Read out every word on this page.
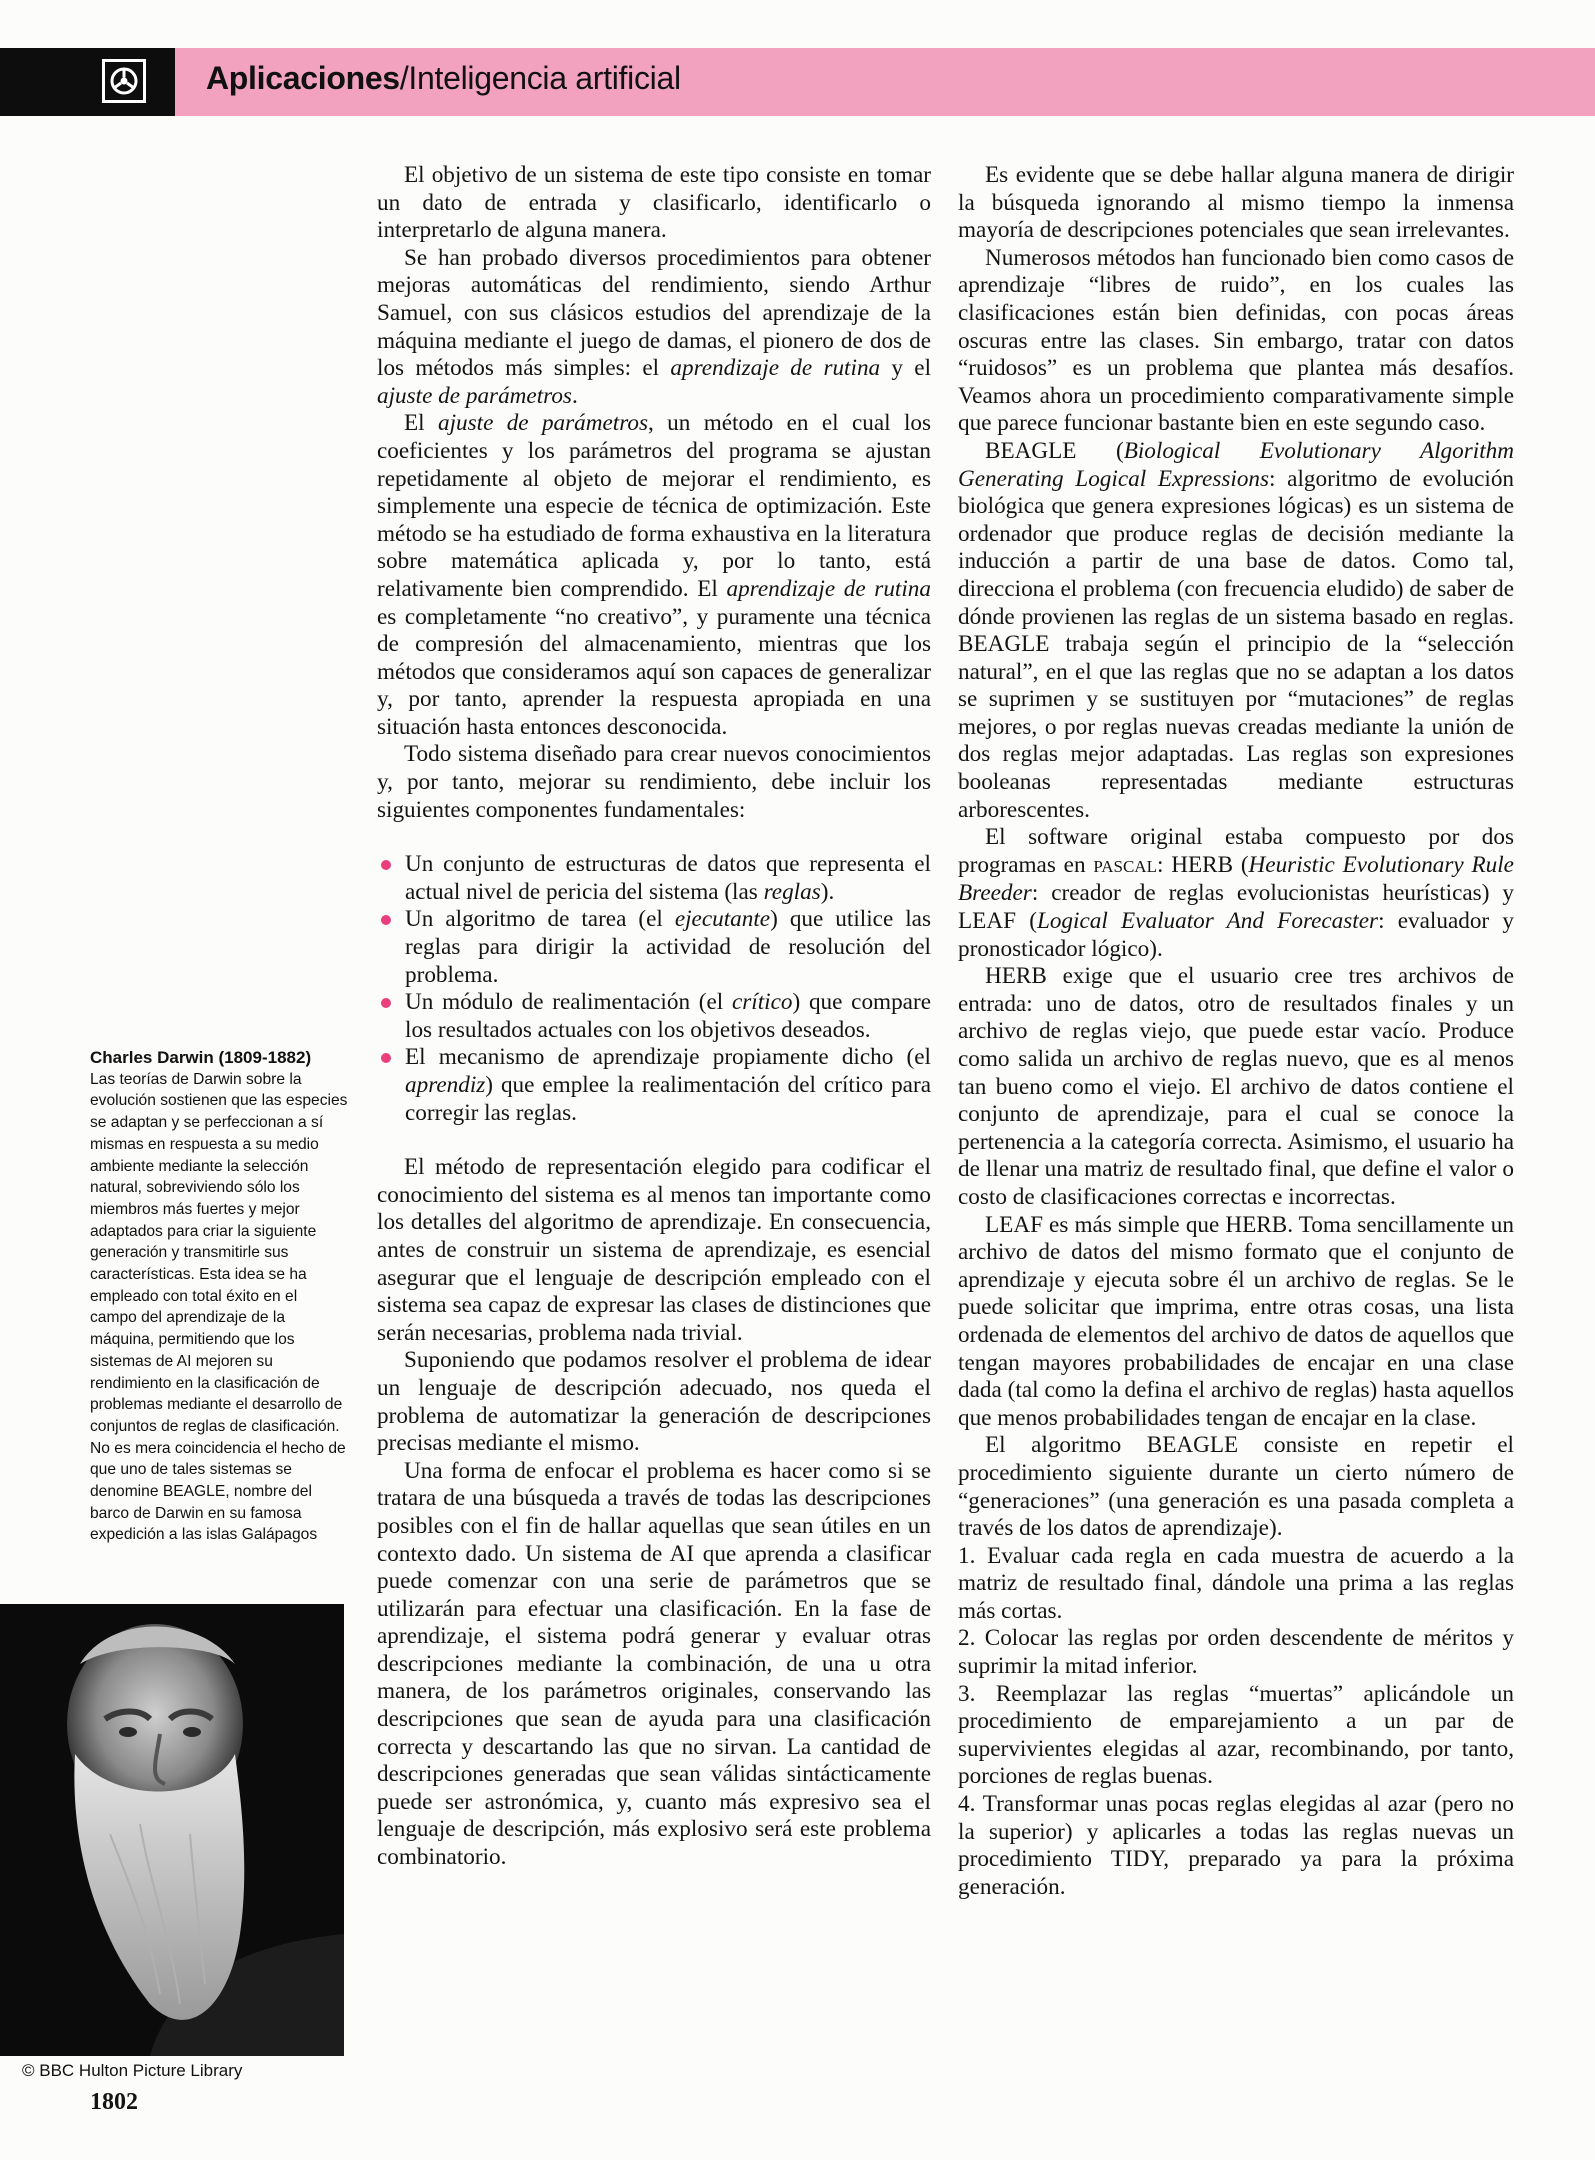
Aplicaciones/Inteligencia artificial

El objetivo de un sistema de este tipo consiste en tomar un dato de entrada y clasificarlo, identificarlo o interpretarlo de alguna manera.

Se han probado diversos procedimientos para obtener mejoras automáticas del rendimiento, siendo Arthur Samuel, con sus clásicos estudios del aprendizaje de la máquina mediante el juego de damas, el pionero de dos de los métodos más simples: el aprendizaje de rutina y el ajuste de parámetros.

El ajuste de parámetros, un método en el cual los coeficientes y los parámetros del programa se ajustan repetidamente al objeto de mejorar el rendimiento, es simplemente una especie de técnica de optimización. Este método se ha estudiado de forma exhaustiva en la literatura sobre matemática aplicada y, por lo tanto, está relativamente bien comprendido. El aprendizaje de rutina es completamente “no creativo”, y puramente una técnica de compresión del almacenamiento, mientras que los métodos que consideramos aquí son capaces de generalizar y, por tanto, aprender la respuesta apropiada en una situación hasta entonces desconocida.

Todo sistema diseñado para crear nuevos conocimientos y, por tanto, mejorar su rendimiento, debe incluir los siguientes componentes fundamentales:

Un conjunto de estructuras de datos que representa el actual nivel de pericia del sistema (las reglas).
Un algoritmo de tarea (el ejecutante) que utilice las reglas para dirigir la actividad de resolución del problema.
Un módulo de realimentación (el crítico) que compare los resultados actuales con los objetivos deseados.
El mecanismo de aprendizaje propiamente dicho (el aprendiz) que emplee la realimentación del crítico para corregir las reglas.

El método de representación elegido para codificar el conocimiento del sistema es al menos tan importante como los detalles del algoritmo de aprendizaje. En consecuencia, antes de construir un sistema de aprendizaje, es esencial asegurar que el lenguaje de descripción empleado con el sistema sea capaz de expresar las clases de distinciones que serán necesarias, problema nada trivial.

Suponiendo que podamos resolver el problema de idear un lenguaje de descripción adecuado, nos queda el problema de automatizar la generación de descripciones precisas mediante el mismo.

Una forma de enfocar el problema es hacer como si se tratara de una búsqueda a través de todas las descripciones posibles con el fin de hallar aquellas que sean útiles en un contexto dado. Un sistema de AI que aprenda a clasificar puede comenzar con una serie de parámetros que se utilizarán para efectuar una clasificación. En la fase de aprendizaje, el sistema podrá generar y evaluar otras descripciones mediante la combinación, de una u otra manera, de los parámetros originales, conservando las descripciones que sean de ayuda para una clasificación correcta y descartando las que no sirvan. La cantidad de descripciones generadas que sean válidas sintácticamente puede ser astronómica, y, cuanto más expresivo sea el lenguaje de descripción, más explosivo será este problema combinatorio.

Es evidente que se debe hallar alguna manera de dirigir la búsqueda ignorando al mismo tiempo la inmensa mayoría de descripciones potenciales que sean irrelevantes.

Numerosos métodos han funcionado bien como casos de aprendizaje “libres de ruido”, en los cuales las clasificaciones están bien definidas, con pocas áreas oscuras entre las clases. Sin embargo, tratar con datos “ruidosos” es un problema que plantea más desafíos. Veamos ahora un procedimiento comparativamente simple que parece funcionar bastante bien en este segundo caso.

BEAGLE (Biological Evolutionary Algorithm Generating Logical Expressions: algoritmo de evolución biológica que genera expresiones lógicas) es un sistema de ordenador que produce reglas de decisión mediante la inducción a partir de una base de datos. Como tal, direcciona el problema (con frecuencia eludido) de saber de dónde provienen las reglas de un sistema basado en reglas. BEAGLE trabaja según el principio de la “selección natural”, en el que las reglas que no se adaptan a los datos se suprimen y se sustituyen por “mutaciones” de reglas mejores, o por reglas nuevas creadas mediante la unión de dos reglas mejor adaptadas. Las reglas son expresiones booleanas representadas mediante estructuras arborescentes.

El software original estaba compuesto por dos programas en PASCAL: HERB (Heuristic Evolutionary Rule Breeder: creador de reglas evolucionistas heurísticas) y LEAF (Logical Evaluator And Forecaster: evaluador y pronosticador lógico).

HERB exige que el usuario cree tres archivos de entrada: uno de datos, otro de resultados finales y un archivo de reglas viejo, que puede estar vacío. Produce como salida un archivo de reglas nuevo, que es al menos tan bueno como el viejo. El archivo de datos contiene el conjunto de aprendizaje, para el cual se conoce la pertenencia a la categoría correcta. Asimismo, el usuario ha de llenar una matriz de resultado final, que define el valor o costo de clasificaciones correctas e incorrectas.

LEAF es más simple que HERB. Toma sencillamente un archivo de datos del mismo formato que el conjunto de aprendizaje y ejecuta sobre él un archivo de reglas. Se le puede solicitar que imprima, entre otras cosas, una lista ordenada de elementos del archivo de datos de aquellos que tengan mayores probabilidades de encajar en una clase dada (tal como la defina el archivo de reglas) hasta aquellos que menos probabilidades tengan de encajar en la clase.

El algoritmo BEAGLE consiste en repetir el procedimiento siguiente durante un cierto número de “generaciones” (una generación es una pasada completa a través de los datos de aprendizaje).

1. Evaluar cada regla en cada muestra de acuerdo a la matriz de resultado final, dándole una prima a las reglas más cortas.

2. Colocar las reglas por orden descendente de méritos y suprimir la mitad inferior.

3. Reemplazar las reglas “muertas” aplicándole un procedimiento de emparejamiento a un par de supervivientes elegidas al azar, recombinando, por tanto, porciones de reglas buenas.

4. Transformar unas pocas reglas elegidas al azar (pero no la superior) y aplicarles a todas las reglas nuevas un procedimiento TIDY, preparado ya para la próxima generación.

Charles Darwin (1809-1882)
Las teorías de Darwin sobre la evolución sostienen que las especies se adaptan y se perfeccionan a sí mismas en respuesta a su medio ambiente mediante la selección natural, sobreviviendo sólo los miembros más fuertes y mejor adaptados para criar la siguiente generación y transmitirle sus características. Esta idea se ha empleado con total éxito en el campo del aprendizaje de la máquina, permitiendo que los sistemas de AI mejoren su rendimiento en la clasificación de problemas mediante el desarrollo de conjuntos de reglas de clasificación. No es mera coincidencia el hecho de que uno de tales sistemas se denomine BEAGLE, nombre del barco de Darwin en su famosa expedición a las islas Galápagos
© BBC Hulton Picture Library
1802
